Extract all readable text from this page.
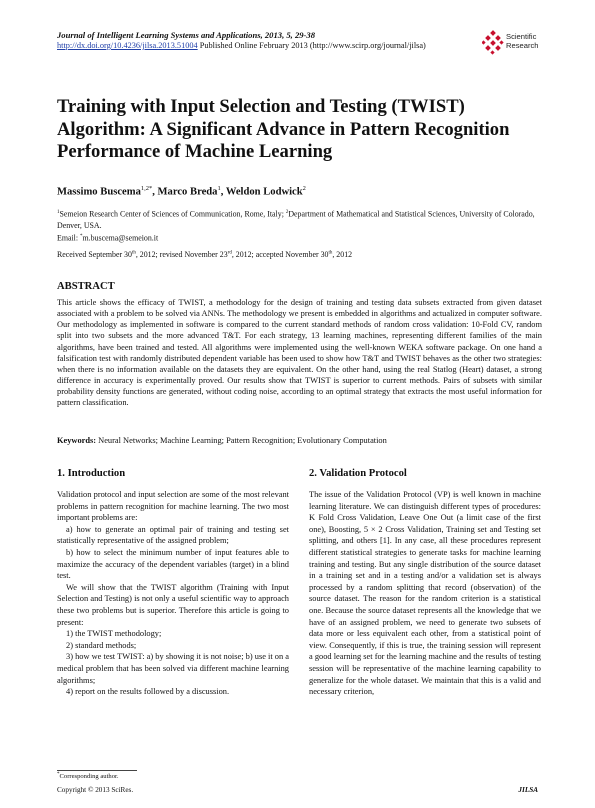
Journal of Intelligent Learning Systems and Applications, 2013, 5, 29-38
http://dx.doi.org/10.4236/jilsa.2013.51004 Published Online February 2013 (http://www.scirp.org/journal/jilsa)
Scientific
Research
Training with Input Selection and Testing (TWIST) Algorithm: A Significant Advance in Pattern Recognition Performance of Machine Learning
Massimo Buscema$^{1,2*}$, Marco Breda$^1$, Weldon Lodwick$^2$
$^1$Semeion Research Center of Sciences of Communication, Rome, Italy; $^2$Department of Mathematical and Statistical Sciences, University of Colorado, Denver, USA.
Email: *m.buscema@semeion.it
Received September 30th, 2012; revised November 23rd, 2012; accepted November 30th, 2012
ABSTRACT
This article shows the efficacy of TWIST, a methodology for the design of training and testing data subsets extracted from given dataset associated with a problem to be solved via ANNs. The methodology we present is embedded in algorithms and actualized in computer software. Our methodology as implemented in software is compared to the current standard methods of random cross validation: 10-Fold CV, random split into two subsets and the more advanced T&T. For each strategy, 13 learning machines, representing different families of the main algorithms, have been trained and tested. All algorithms were implemented using the well-known WEKA software package. On one hand a falsification test with randomly distributed dependent variable has been used to show how T&T and TWIST behaves as the other two strategies: when there is no information available on the datasets they are equivalent. On the other hand, using the real Statlog (Heart) dataset, a strong difference in accuracy is experimentally proved. Our results show that TWIST is superior to current methods. Pairs of subsets with similar probability density functions are generated, without coding noise, according to an optimal strategy that extracts the most useful information for pattern classification.
Keywords: Neural Networks; Machine Learning; Pattern Recognition; Evolutionary Computation
1. Introduction

Validation protocol and input selection are some of the most relevant problems in pattern recognition for machine learning. The two most important problems are:

a) how to generate an optimal pair of training and testing set statistically representative of the assigned problem;

b) how to select the minimum number of input features able to maximize the accuracy of the dependent variables (target) in a blind test.

We will show that the TWIST algorithm (Training with Input Selection and Testing) is not only a useful scientific way to approach these two problems but is superior. Therefore this article is going to present:

1) the TWIST methodology;

2) standard methods;

3) how we test TWIST: a) by showing it is not noise; b) use it on a medical problem that has been solved via different machine learning algorithms;

4) report on the results followed by a discussion.

2. Validation Protocol

The issue of the Validation Protocol (VP) is well known in machine learning literature. We can distinguish different types of procedures: K Fold Cross Validation, Leave One Out (a limit case of the first one), Boosting, 5 × 2 Cross Validation, Training set and Testing set splitting, and others [1]. In any case, all these procedures represent different statistical strategies to generate tasks for machine learning training and testing. But any single distribution of the source dataset in a training set and in a testing and/or a validation set is always processed by a random splitting that record (observation) of the source dataset. The reason for the random criterion is a statistical one. Because the source dataset represents all the knowledge that we have of an assigned problem, we need to generate two subsets of data more or less equivalent each other, from a statistical point of view. Consequently, if this is true, the training session will represent a good learning set for the learning machine and the results of testing session will be representative of the machine learning capability to generalize for the whole dataset. We maintain that this is a valid and necessary criterion,

*Corresponding author.
Copyright © 2013 SciRes.	JILSA
